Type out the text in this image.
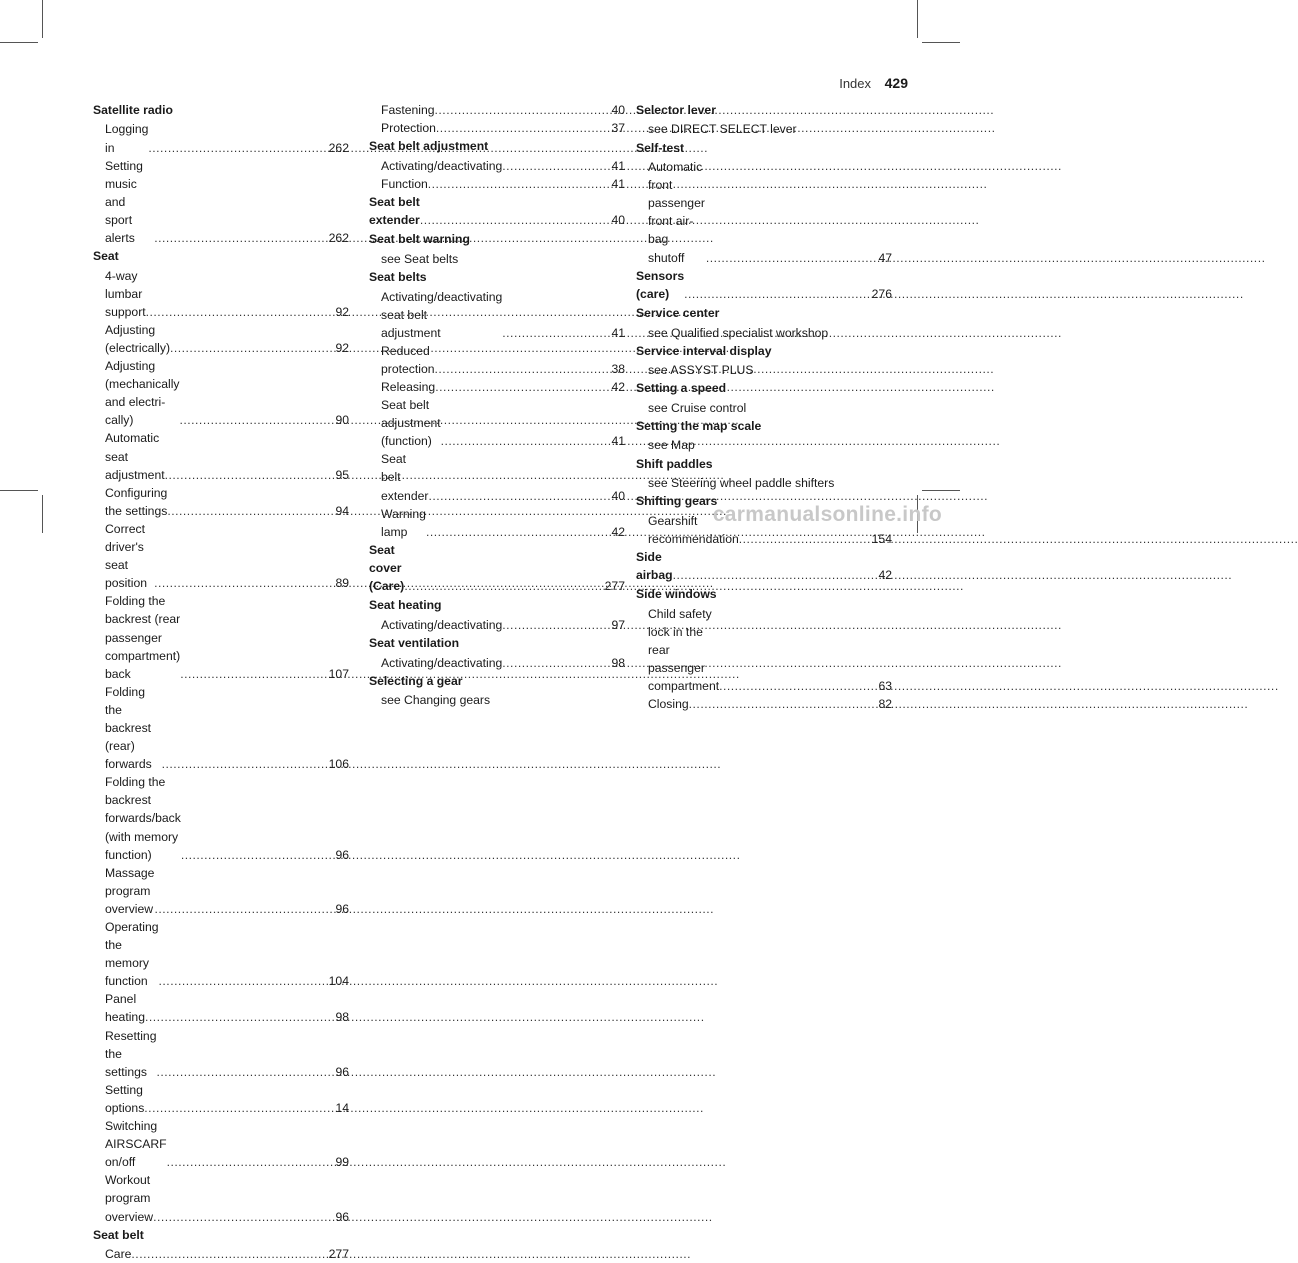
Index 429
Satellite radio
Logging in .....	262
Setting music and sport alerts .....	262
Seat
4-way lumbar support .....	92
Adjusting (electrically) .....	92
Adjusting (mechanically and electri-
cally) .....	90
Automatic seat adjustment .....	95
Configuring the settings .....	94
Correct driver's seat position .....	89
Folding the backrest (rear passenger
compartment) back .....	107
Folding the backrest (rear) forwards .....	106
Folding the backrest forwards/back
(with memory function) .....	96
Massage program overview .....	96
Operating the memory function .....	104
Panel heating .....	98
Resetting the settings .....	96
Setting options .....	14
Switching AIRSCARF on/off .....	99
Workout program overview .....	96
Seat belt
Care .....	277
Fastening .....	40
Protection .....	37
Seat belt adjustment
Activating/deactivating .....	41
Function .....	41
Seat belt extender .....	40
Seat belt warning
see Seat belts
Seat belts
Activating/deactivating seat belt
adjustment .....	41
Reduced protection .....	38
Releasing .....	42
Seat belt adjustment (function) .....	41
Seat belt extender .....	40
Warning lamp .....	42
Seat cover (Care) .....	277
Seat heating
Activating/deactivating .....	97
Seat ventilation
Activating/deactivating .....	98
Selecting a gear
see Changing gears
Selector lever
see DIRECT SELECT lever
Self-test
Automatic front passenger front air-
bag shutoff .....	47
Sensors (care) .....	276
Service center
see Qualified specialist workshop
Service interval display
see ASSYST PLUS
Setting a speed
see Cruise control
Setting the map scale
see Map
Shift paddles
see Steering wheel paddle shifters
Shifting gears
Gearshift recommendation .....	154
Side airbag .....	42
Side windows
Child safety lock in the rear
passenger compartment .....	63
Closing .....	82
carmanualsonline.info
